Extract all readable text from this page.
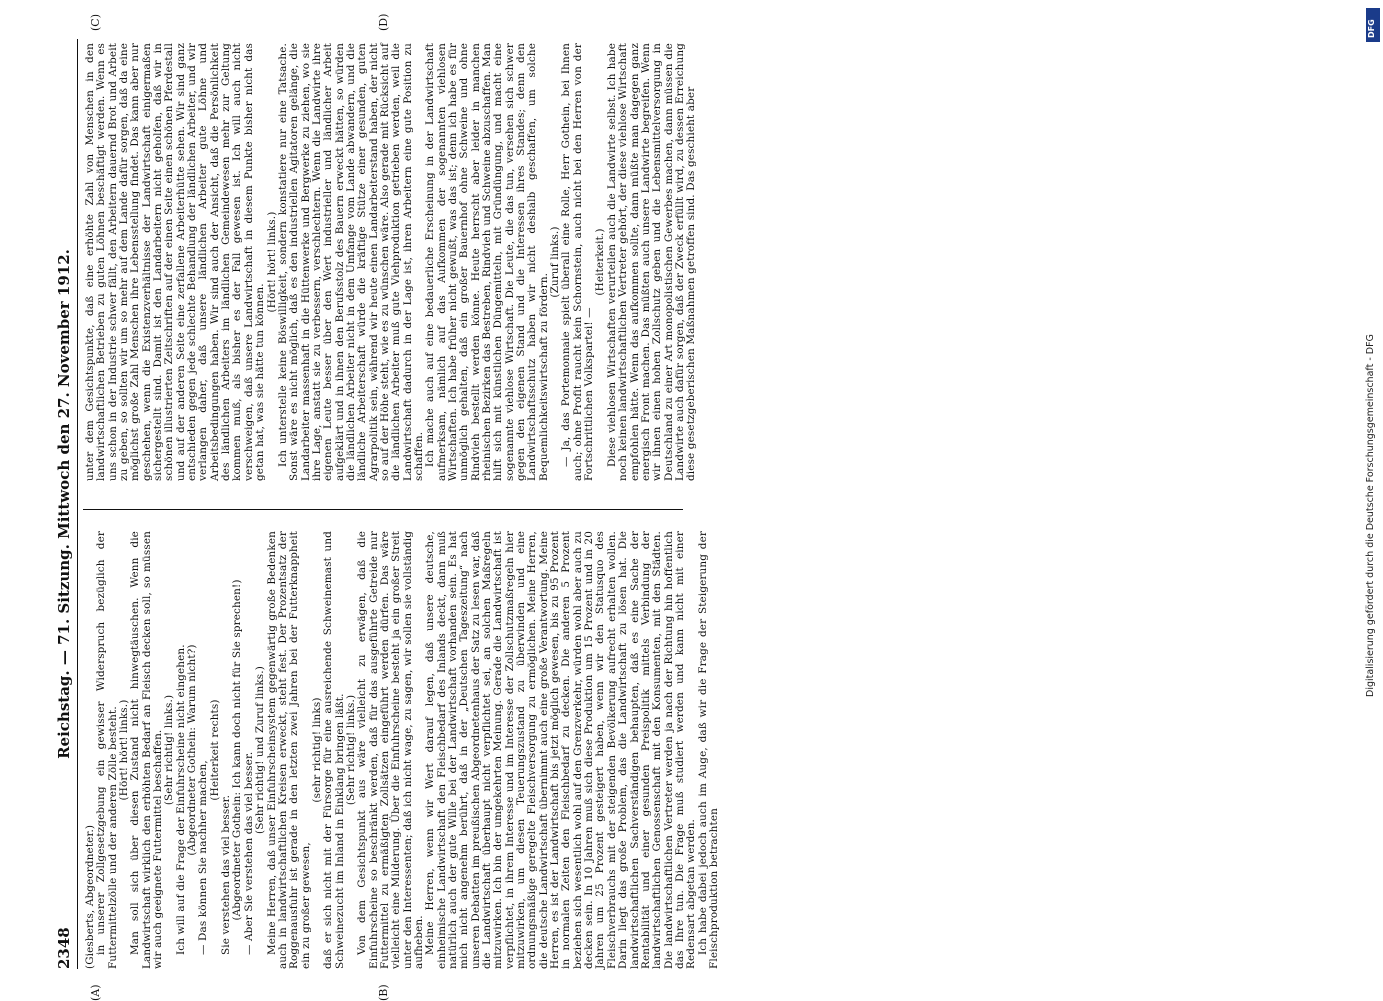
2348
Reichstag. — 71. Sitzung. Mittwoch den 27. November 1912.
(A)	(B)
(C)	(D)

(Giesberts, Abgeordneter.) in unserer Zollgesetzgebung ein gewisser Widerspruch bezüglich der Futtermittelzölle und der anderen Zölle besteht. (Hört! hört! links.) Man soll sich über diesen Zustand nicht hinwegtäuschen. Wenn die Landwirtschaft wirklich den erhöhten Bedarf an Fleisch decken soll, so müssen wir auch geeignete Futtermittel beschaffen. (Sehr richtig! links.) Ich will auf die Frage der Einfuhrscheine nicht eingehen. (Abgeordneter Gothein: Warum nicht?)

— Das können Sie nachher machen,

(Heiterkeit rechts)

Sie verstehen das viel besser. (Abgeordneter Gothein: Ich kann doch nicht für Sie sprechen!) — Aber Sie verstehen das viel besser.

(Sehr richtig! und Zuruf links.) Meine Herren, daß unser Einfuhrscheinsystem gegenwärtig große Bedenken auch in landwirtschaftlichen Kreisen erweckt, steht fest. Der Prozentsatz der Roggenausfuhr ist gerade in den letzten zwei Jahren bei der Futterknappheit ein zu großer gewesen,

(sehr richtig! links) daß er sich nicht mit der Fürsorge für eine ausreichende Schweinemast und Schweinezucht im Inland in Einklang bringen läßt. (Sehr richtig! links.) Von dem Gesichtspunkt aus wäre vielleicht zu erwägen, daß die Einfuhrscheine so beschränkt werden, daß für das ausgeführte Getreide nur Futtermittel zu ermäßigten Zollsätzen eingeführt werden dürfen. Das wäre vielleicht eine Milderung. Über die Einfuhrscheine besteht ja ein großer Streit unter den Interessenten; daß ich nicht wage, zu sagen, wir sollen sie vollständig aufheben. Meine Herren, wenn wir Wert darauf legen, daß unsere deutsche, einheimische Landwirtschaft den Fleischbedarf des Inlands deckt, dann muß natürlich auch der gute Wille bei der Landwirtschaft vorhanden sein. Es hat mich nicht angenehm berührt, daß in der „Deutschen Tageszeitung“ nach unseren Debatten im preußischen Abgeordnetenhaus der Satz zu lesen war, daß die Landwirtschaft überhaupt nicht verpflichtet sei, an solchen Maßregeln mitzuwirken. Ich bin der umgekehrten Meinung. Gerade die Landwirtschaft ist verpflichtet, in ihrem Interesse und im Interesse der Zollschutzmaßregeln hier mitzuwirken, um diesen Teuerungszustand zu überwinden und eine ordnungsmäßige geregelte Fleischversorgung zu ermöglichen. Meine Herren, die deutsche Landwirtschaft übernimmt auch eine große Verantwortung. Meine Herren, es ist der Landwirtschaft bis jetzt möglich gewesen, bis zu 95 Prozent in normalen Zeiten den Fleischbedarf zu decken. Die anderen 5 Prozent beziehen sich wesentlich wohl auf den Grenzverkehr, würden wohl aber auch zu decken sein. In 10 Jahren muß sich diese Produktion um 15 Prozent und in 20 Jahren um 25 Prozent gesteigert haben, wenn wir den Statusquo des Fleischverbrauchs mit der steigenden Bevölkerung aufrecht erhalten wollen. Darin liegt das große Problem, das die Landwirtschaft zu lösen hat. Die landwirtschaftlichen Sachverständigen behaupten, daß es eine Sache der Rentabilität und einer gesunden Preispolitik mittels Verbindung der landwirtschaftlichen Genossenschaft mit den Konsumenten, mit den Städten. Die landwirtschaftlichen Vertreter werden ja nach der Richtung hin hoffentlich das Ihre tun. Die Frage muß studiert werden und kann nicht mit einer Redensart abgetan werden. Ich habe dabei jedoch auch im Auge, daß wir die Frage der Steigerung der Fleischproduktion betrachten

unter dem Gesichtspunkte, daß eine erhöhte Zahl von Menschen in den landwirtschaftlichen Betrieben zu guten Löhnen beschäftigt werden. Wenn es uns schon in der Industrie schwer fällt, den Arbeitern dauernd Brot und Arbeit zu geben, so sollten wir um so mehr auf dem Lande dafür sorgen, daß da eine möglichst große Zahl Menschen ihre Lebensstellung findet. Das kann aber nur geschehen, wenn die Existenzverhältnisse der Landwirtschaft einigermaßen sichergestellt sind. Damit ist den Landarbeitern nicht geholfen, daß wir in schönen illustrierten Zeitschriften auf der einen Seite einen schönen Pferdestall und auf der anderen Seite eine zerfallene Arbeiterhütte sehen. Wir sind ganz entschieden gegen jede schlechte Behandlung der ländlichen Arbeiter, und wir verlangen daher, daß unsere ländlichen Arbeiter gute Löhne und Arbeitsbedingungen haben. Wir sind auch der Ansicht, daß die Persönlichkeit des ländlichen Arbeiters im ländlichen Gemeindewesen mehr zur Geltung kommen muß, als bisher es der Fall gewesen ist. Ich will auch nicht verschweigen, daß unsere Landwirtschaft in diesem Punkte bisher nicht das getan hat, was sie hätte tun können.

(Hört! hört! links.) Ich unterstelle keine Böswilligkeit, sondern konstatiere nur eine Tatsache. Sonst wäre es nicht möglich, daß es den industriellen Agitatoren gelänge, die Landarbeiter massenhaft in die Hüttenwerke und Bergwerke zu ziehen, wo sie ihre Lage, anstatt sie zu verbessern, verschlechtern. Wenn die Landwirte ihre eigenen Leute besser über den Wert industrieller und ländlicher Arbeit aufgeklärt und in ihnen den Berufsstolz des Bauern erweckt hätten, so würden die ländlichen Arbeiter nicht in dem Umfange vom Lande abwandern, und die ländliche Arbeiterschaft würde die kräftige Stütze einer gesunden, guten Agrarpolitik sein, während wir heute einen Landarbeiterstand haben, der nicht so auf der Höhe steht, wie es zu wünschen wäre. Also gerade mit Rücksicht auf die ländlichen Arbeiter muß gute Viehproduktion getrieben werden, weil die Landwirtschaft dadurch in der Lage ist, ihren Arbeitern eine gute Position zu schaffen. Ich mache auch auf eine bedauerliche Erscheinung in der Landwirtschaft aufmerksam, nämlich auf das Aufkommen der sogenannten viehlosen Wirtschaften. Ich habe früher nicht gewußt, was das ist; denn ich habe es für unmöglich gehalten, daß ein großer Bauernhof ohne Schweine und ohne Rindvieh bestellt werden könne. Heute herrscht aber leider in manchen rheinischen Bezirken das Bestreben, Rindvieh und Schweine abzuschaffen. Man hilft sich mit künstlichen Düngemitteln, mit Gründüngung, und macht eine sogenannte viehlose Wirtschaft. Die Leute, die das tun, versehen sich schwer gegen den eigenen Stand und die Interessen ihres Standes; denn den Landwirtschaftsschutz haben wir nicht deshalb geschaffen, um solche Bequemlichkeitswirtschaft zu fördern.

(Zuruf links.) — Ja, das Portemonnaie spielt überall eine Rolle, Herr Gothein, bei Ihnen auch; ohne Profit raucht kein Schornstein, auch nicht bei den Herren von der Fortschrittlichen Volkspartei! —

(Heiterkeit.) Diese viehlosen Wirtschaften verurteilen auch die Landwirte selbst. Ich habe noch keinen landwirtschaftlichen Vertreter gehört, der diese viehlose Wirtschaft empfohlen hätte. Wenn das aufkommen sollte, dann müßte man dagegen ganz energisch Front machen. Das müßten auch unsere Landwirte begreifen. Wenn wir ihnen einen hohen Zollschutz geben und die Lebensmittelversorgung in Deutschland zu einer Art monopolistischen Gewerbes machen, dann müssen die Landwirte auch dafür sorgen, daß der Zweck erfüllt wird, zu dessen Erreichung diese gesetzgeberischen Maßnahmen getroffen sind. Das geschieht aber

DFG
Digitalisierung gefördert durch die Deutsche Forschungsgemeinschaft - DFG
